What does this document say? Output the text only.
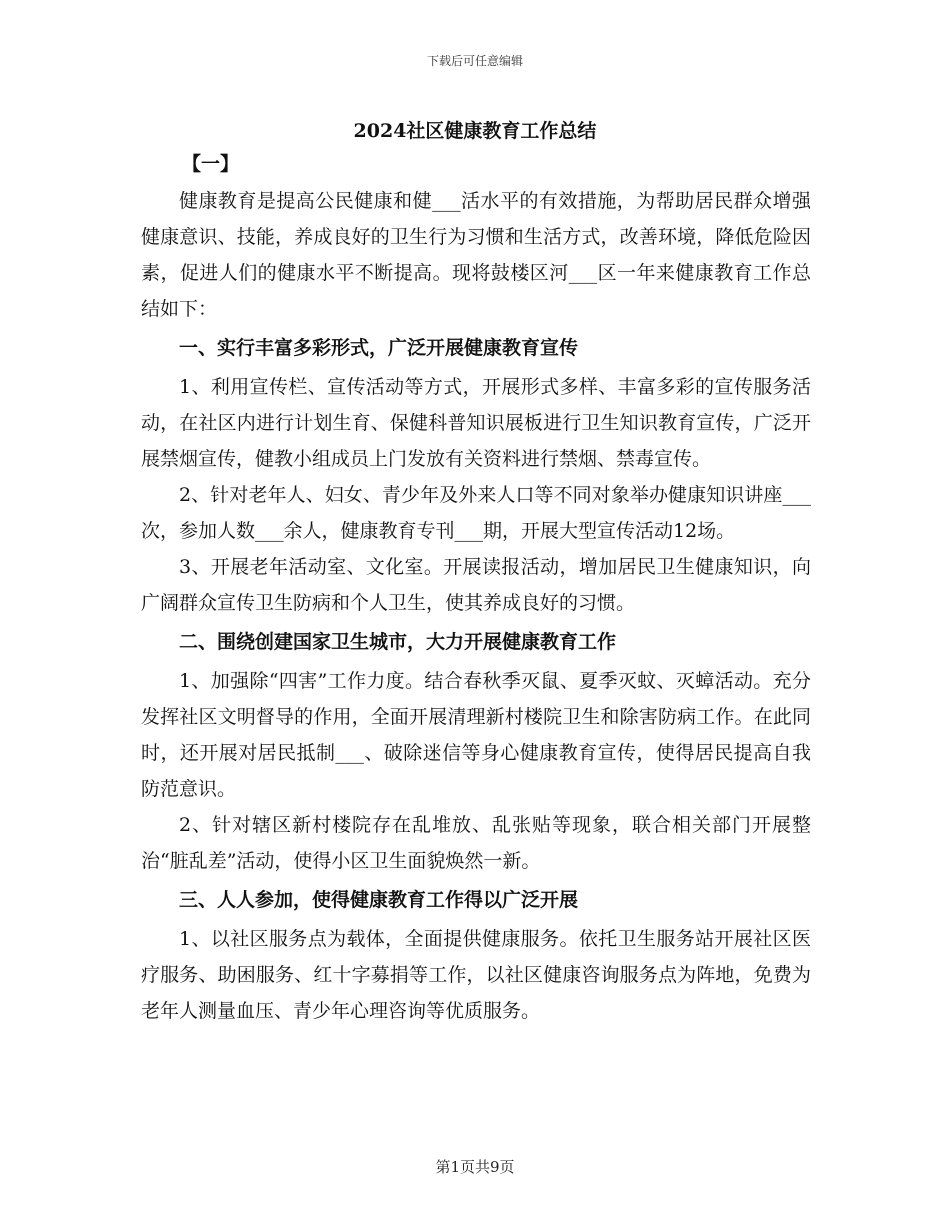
下载后可任意编辑
2024社区健康教育工作总结
【一】

健康教育是提高公民健康和健___活水平的有效措施，为帮助居民群众增强健康意识、技能，养成良好的卫生行为习惯和生活方式，改善环境，降低危险因素，促进人们的健康水平不断提高。现将鼓楼区河___区一年来健康教育工作总结如下：

一、实行丰富多彩形式，广泛开展健康教育宣传

1、利用宣传栏、宣传活动等方式，开展形式多样、丰富多彩的宣传服务活动，在社区内进行计划生育、保健科普知识展板进行卫生知识教育宣传，广泛开展禁烟宣传，健教小组成员上门发放有关资料进行禁烟、禁毒宣传。

2、针对老年人、妇女、青少年及外来人口等不同对象举办健康知识讲座___次，参加人数___余人，健康教育专刊___期，开展大型宣传活动12场。

3、开展老年活动室、文化室。开展读报活动，增加居民卫生健康知识，向广阔群众宣传卫生防病和个人卫生，使其养成良好的习惯。

二、围绕创建国家卫生城市，大力开展健康教育工作

1、加强除“四害”工作力度。结合春秋季灭鼠、夏季灭蚊、灭蟑活动。充分发挥社区文明督导的作用，全面开展清理新村楼院卫生和除害防病工作。在此同时，还开展对居民抵制___、破除迷信等身心健康教育宣传，使得居民提高自我防范意识。

2、针对辖区新村楼院存在乱堆放、乱张贴等现象，联合相关部门开展整治“脏乱差”活动，使得小区卫生面貌焕然一新。

三、人人参加，使得健康教育工作得以广泛开展

1、以社区服务点为载体，全面提供健康服务。依托卫生服务站开展社区医疗服务、助困服务、红十字募捐等工作，以社区健康咨询服务点为阵地，免费为老年人测量血压、青少年心理咨询等优质服务。

第1页共9页
